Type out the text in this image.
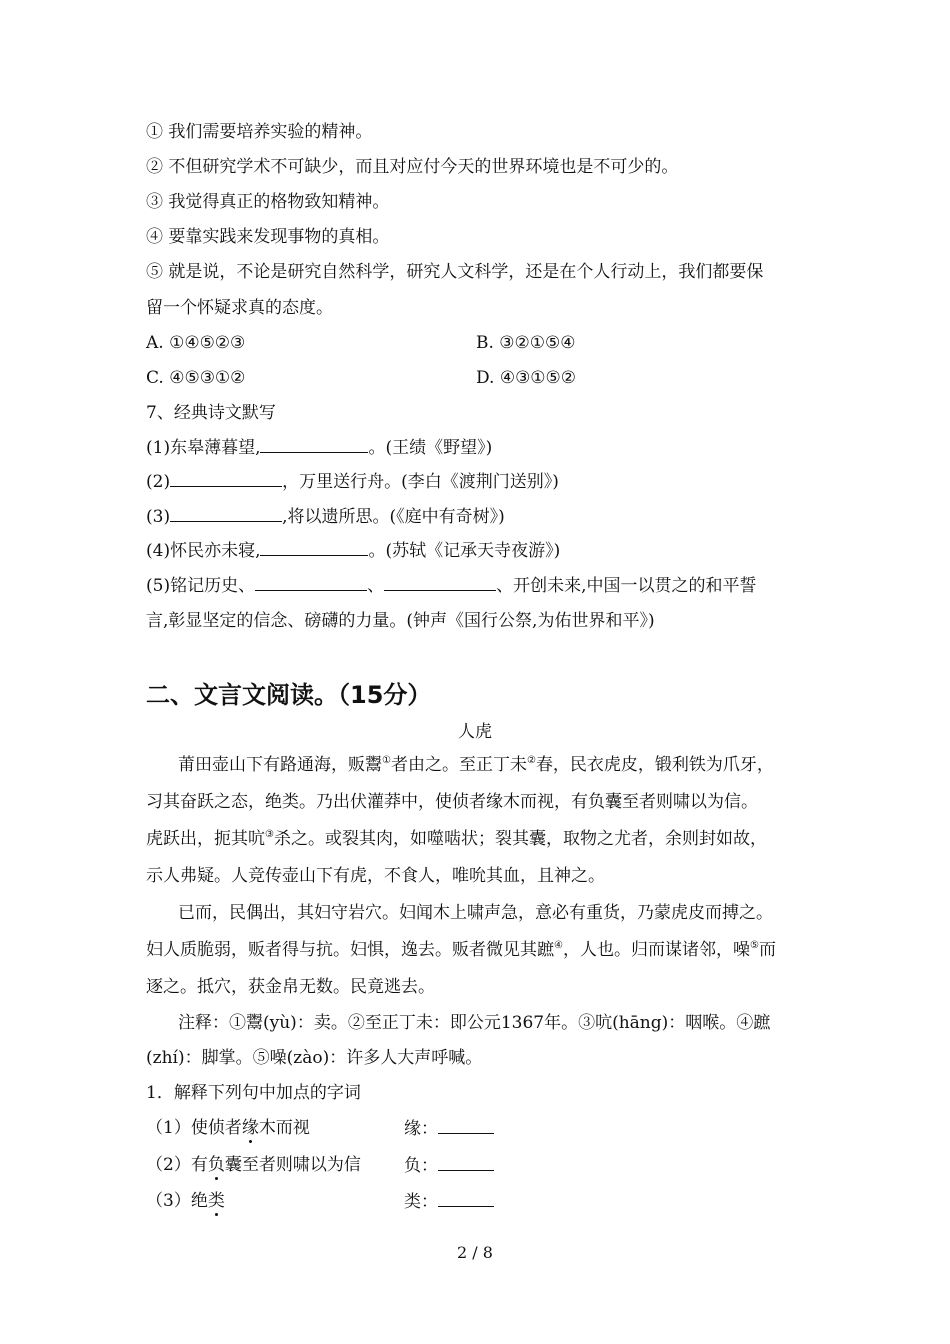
① 我们需要培养实验的精神。
② 不但研究学术不可缺少，而且对应付今天的世界环境也是不可少的。
③ 我觉得真正的格物致知精神。
④ 要靠实践来发现事物的真相。
⑤ 就是说，不论是研究自然科学，研究人文科学，还是在个人行动上，我们都要保
留一个怀疑求真的态度。
A. ①④⑤②③	B. ③②①⑤④
C. ④⑤③①②	D. ④③①⑤②
7、经典诗文默写
(1)东皋薄暮望,	。(王绩《野望》)
(2)	，万里送行舟。(李白《渡荆门送别》)
(3)	,将以遗所思。(《庭中有奇树》)
(4)怀民亦未寝,	。(苏轼《记承天寺夜游》)
(5)铭记历史、	、	、开创未来,中国一以贯之的和平誓
言,彰显坚定的信念、磅礴的力量。(钟声《国行公祭,为佑世界和平》)
二、文言文阅读。（15分）
人虎
莆田壶山下有路通海，贩鬻①者由之。至正丁未②春，民衣虎皮，锻利铁为爪牙，
习其奋跃之态，绝类。乃出伏灌莽中，使侦者缘木而视，有负囊至者则啸以为信。
虎跃出，扼其吭③杀之。或裂其肉，如噬啮状；裂其囊，取物之尤者，余则封如故，
示人弗疑。人竞传壶山下有虎，不食人，唯吮其血，且神之。
已而，民偶出，其妇守岩穴。妇闻木上啸声急，意必有重货，乃蒙虎皮而搏之。
妇人质脆弱，贩者得与抗。妇惧，逸去。贩者微见其蹠④，人也。归而谋诸邻，噪⑤而
逐之。抵穴，获金帛无数。民竟逃去。
注释：①鬻(yù)：卖。②至正丁未：即公元1367年。③吭(hāng)：咽喉。④蹠
(zhí)：脚掌。⑤噪(zào)：许多人大声呼喊。
1．解释下列句中加点的字词
（1）使侦者缘木而视	缘：
（2）有负囊至者则啸以为信	负：
（3）绝类	类：
2 / 8
